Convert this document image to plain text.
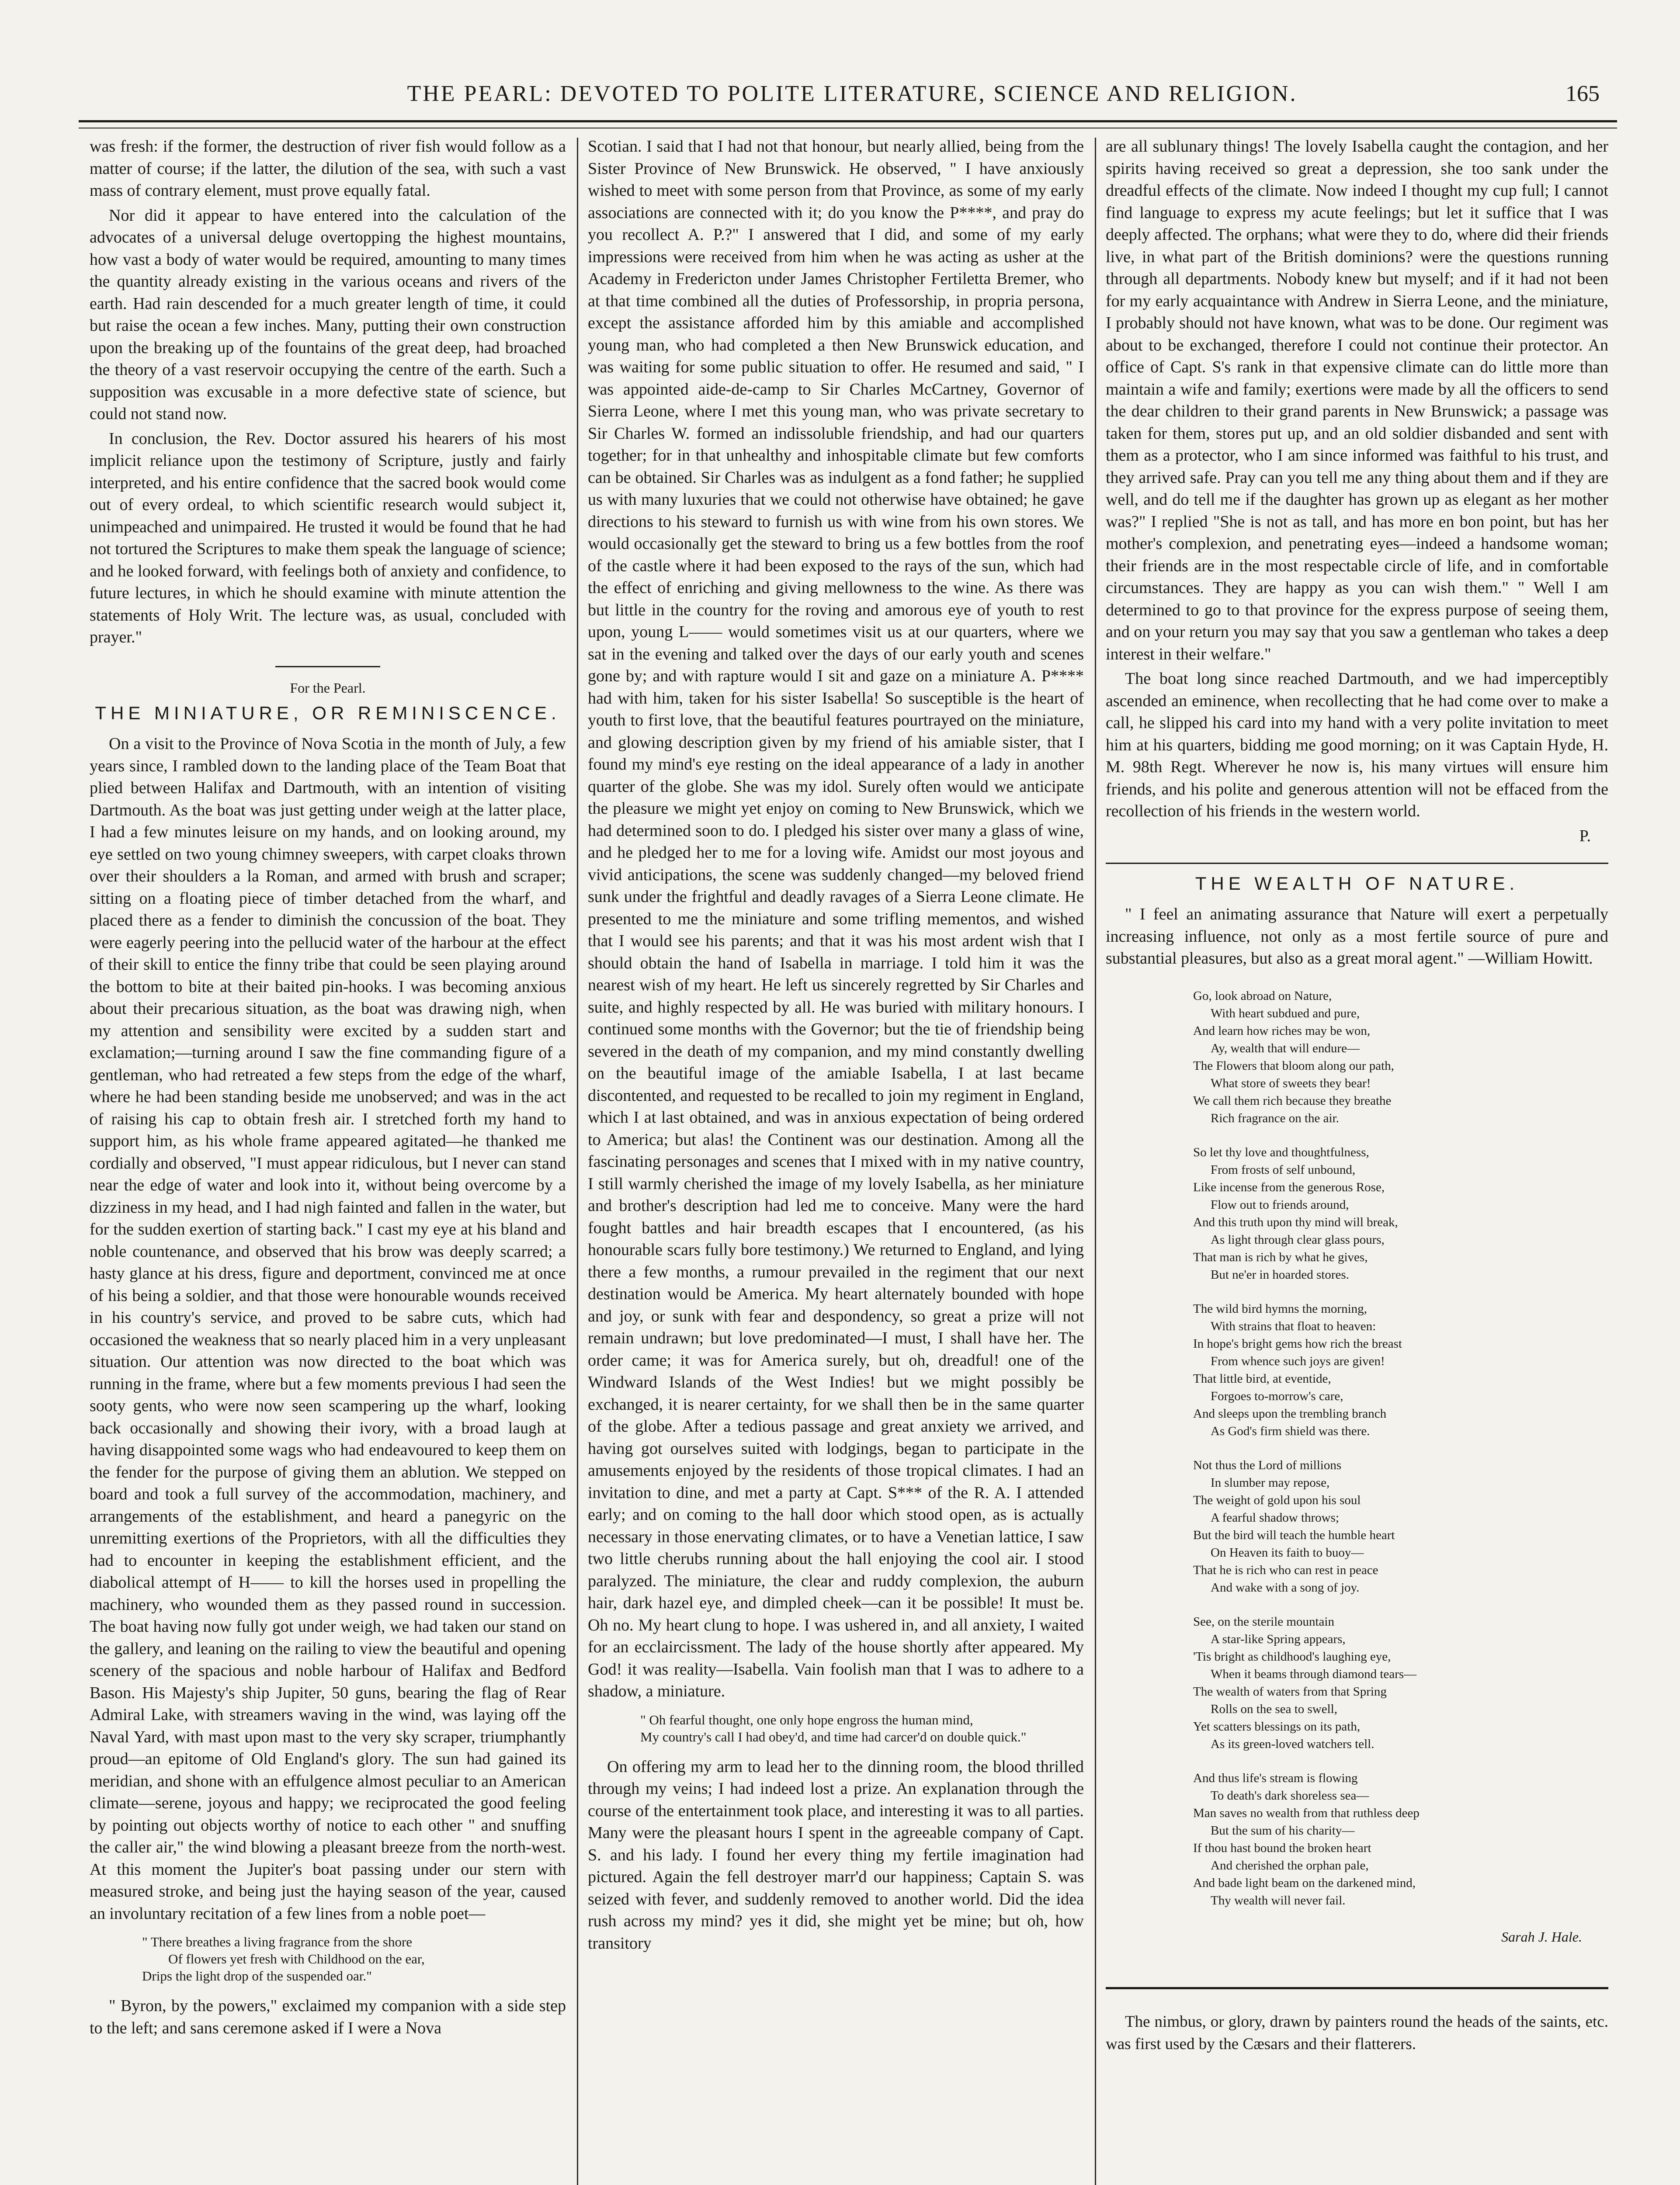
THE PEARL: DEVOTED TO POLITE LITERATURE, SCIENCE AND RELIGION.	165

was fresh: if the former, the destruction of river fish would follow as a matter of course; if the latter, the dilution of the sea, with such a vast mass of contrary element, must prove equally fatal.

Nor did it appear to have entered into the calculation of the advocates of a universal deluge overtopping the highest mountains, how vast a body of water would be required, amounting to many times the quantity already existing in the various oceans and rivers of the earth. Had rain descended for a much greater length of time, it could but raise the ocean a few inches. Many, putting their own construction upon the breaking up of the fountains of the great deep, had broached the theory of a vast reservoir occupying the centre of the earth. Such a supposition was excusable in a more defective state of science, but could not stand now.

In conclusion, the Rev. Doctor assured his hearers of his most implicit reliance upon the testimony of Scripture, justly and fairly interpreted, and his entire confidence that the sacred book would come out of every ordeal, to which scientific research would subject it, unimpeached and unimpaired. He trusted it would be found that he had not tortured the Scriptures to make them speak the language of science; and he looked forward, with feelings both of anxiety and confidence, to future lectures, in which he should examine with minute attention the statements of Holy Writ. The lecture was, as usual, concluded with prayer."

For the Pearl.

THE MINIATURE, OR REMINISCENCE.

On a visit to the Province of Nova Scotia in the month of July, a few years since, I rambled down to the landing place of the Team Boat that plied between Halifax and Dartmouth, with an intention of visiting Dartmouth. As the boat was just getting under weigh at the latter place, I had a few minutes leisure on my hands, and on looking around, my eye settled on two young chimney sweepers, with carpet cloaks thrown over their shoulders a la Roman, and armed with brush and scraper; sitting on a floating piece of timber detached from the wharf, and placed there as a fender to diminish the concussion of the boat. They were eagerly peering into the pellucid water of the harbour at the effect of their skill to entice the finny tribe that could be seen playing around the bottom to bite at their baited pin-hooks. I was becoming anxious about their precarious situation, as the boat was drawing nigh, when my attention and sensibility were excited by a sudden start and exclamation;—turning around I saw the fine commanding figure of a gentleman, who had retreated a few steps from the edge of the wharf, where he had been standing beside me unobserved; and was in the act of raising his cap to obtain fresh air. I stretched forth my hand to support him, as his whole frame appeared agitated—he thanked me cordially and observed, "I must appear ridiculous, but I never can stand near the edge of water and look into it, without being overcome by a dizziness in my head, and I had nigh fainted and fallen in the water, but for the sudden exertion of starting back." I cast my eye at his bland and noble countenance, and observed that his brow was deeply scarred; a hasty glance at his dress, figure and deportment, convinced me at once of his being a soldier, and that those were honourable wounds received in his country's service, and proved to be sabre cuts, which had occasioned the weakness that so nearly placed him in a very unpleasant situation. Our attention was now directed to the boat which was running in the frame, where but a few moments previous I had seen the sooty gents, who were now seen scampering up the wharf, looking back occasionally and showing their ivory, with a broad laugh at having disappointed some wags who had endeavoured to keep them on the fender for the purpose of giving them an ablution. We stepped on board and took a full survey of the accommodation, machinery, and arrangements of the establishment, and heard a panegyric on the unremitting exertions of the Proprietors, with all the difficulties they had to encounter in keeping the establishment efficient, and the diabolical attempt of H—— to kill the horses used in propelling the machinery, who wounded them as they passed round in succession. The boat having now fully got under weigh, we had taken our stand on the gallery, and leaning on the railing to view the beautiful and opening scenery of the spacious and noble harbour of Halifax and Bedford Bason. His Majesty's ship Jupiter, 50 guns, bearing the flag of Rear Admiral Lake, with streamers waving in the wind, was laying off the Naval Yard, with mast upon mast to the very sky scraper, triumphantly proud—an epitome of Old England's glory. The sun had gained its meridian, and shone with an effulgence almost peculiar to an American climate—serene, joyous and happy; we reciprocated the good feeling by pointing out objects worthy of notice to each other " and snuffing the caller air," the wind blowing a pleasant breeze from the north-west. At this moment the Jupiter's boat passing under our stern with measured stroke, and being just the haying season of the year, caused an involuntary recitation of a few lines from a noble poet—

" There breathes a living fragrance from the shore
Of flowers yet fresh with Childhood on the ear,
Drips the light drop of the suspended oar."

" Byron, by the powers," exclaimed my companion with a side step to the left; and sans ceremone asked if I were a Nova

Scotian. I said that I had not that honour, but nearly allied, being from the Sister Province of New Brunswick. He observed, " I have anxiously wished to meet with some person from that Province, as some of my early associations are connected with it; do you know the P****, and pray do you recollect A. P.?" I answered that I did, and some of my early impressions were received from him when he was acting as usher at the Academy in Fredericton under James Christopher Fertiletta Bremer, who at that time combined all the duties of Professorship, in propria persona, except the assistance afforded him by this amiable and accomplished young man, who had completed a then New Brunswick education, and was waiting for some public situation to offer. He resumed and said, " I was appointed aide-de-camp to Sir Charles McCartney, Governor of Sierra Leone, where I met this young man, who was private secretary to Sir Charles W. formed an indissoluble friendship, and had our quarters together; for in that unhealthy and inhospitable climate but few comforts can be obtained. Sir Charles was as indulgent as a fond father; he supplied us with many luxuries that we could not otherwise have obtained; he gave directions to his steward to furnish us with wine from his own stores. We would occasionally get the steward to bring us a few bottles from the roof of the castle where it had been exposed to the rays of the sun, which had the effect of enriching and giving mellowness to the wine. As there was but little in the country for the roving and amorous eye of youth to rest upon, young L—— would sometimes visit us at our quarters, where we sat in the evening and talked over the days of our early youth and scenes gone by; and with rapture would I sit and gaze on a miniature A. P**** had with him, taken for his sister Isabella! So susceptible is the heart of youth to first love, that the beautiful features pourtrayed on the miniature, and glowing description given by my friend of his amiable sister, that I found my mind's eye resting on the ideal appearance of a lady in another quarter of the globe. She was my idol. Surely often would we anticipate the pleasure we might yet enjoy on coming to New Brunswick, which we had determined soon to do. I pledged his sister over many a glass of wine, and he pledged her to me for a loving wife. Amidst our most joyous and vivid anticipations, the scene was suddenly changed—my beloved friend sunk under the frightful and deadly ravages of a Sierra Leone climate. He presented to me the miniature and some trifling mementos, and wished that I would see his parents; and that it was his most ardent wish that I should obtain the hand of Isabella in marriage. I told him it was the nearest wish of my heart. He left us sincerely regretted by Sir Charles and suite, and highly respected by all. He was buried with military honours. I continued some months with the Governor; but the tie of friendship being severed in the death of my companion, and my mind constantly dwelling on the beautiful image of the amiable Isabella, I at last became discontented, and requested to be recalled to join my regiment in England, which I at last obtained, and was in anxious expectation of being ordered to America; but alas! the Continent was our destination. Among all the fascinating personages and scenes that I mixed with in my native country, I still warmly cherished the image of my lovely Isabella, as her miniature and brother's description had led me to conceive. Many were the hard fought battles and hair breadth escapes that I encountered, (as his honourable scars fully bore testimony.) We returned to England, and lying there a few months, a rumour prevailed in the regiment that our next destination would be America. My heart alternately bounded with hope and joy, or sunk with fear and despondency, so great a prize will not remain undrawn; but love predominated—I must, I shall have her. The order came; it was for America surely, but oh, dreadful! one of the Windward Islands of the West Indies! but we might possibly be exchanged, it is nearer certainty, for we shall then be in the same quarter of the globe. After a tedious passage and great anxiety we arrived, and having got ourselves suited with lodgings, began to participate in the amusements enjoyed by the residents of those tropical climates. I had an invitation to dine, and met a party at Capt. S*** of the R. A. I attended early; and on coming to the hall door which stood open, as is actually necessary in those enervating climates, or to have a Venetian lattice, I saw two little cherubs running about the hall enjoying the cool air. I stood paralyzed. The miniature, the clear and ruddy complexion, the auburn hair, dark hazel eye, and dimpled cheek—can it be possible! It must be. Oh no. My heart clung to hope. I was ushered in, and all anxiety, I waited for an ecclaircissment. The lady of the house shortly after appeared. My God! it was reality—Isabella. Vain foolish man that I was to adhere to a shadow, a miniature.

" Oh fearful thought, one only hope engross the human mind,
My country's call I had obey'd, and time had carcer'd on double quick."

On offering my arm to lead her to the dinning room, the blood thrilled through my veins; I had indeed lost a prize. An explanation through the course of the entertainment took place, and interesting it was to all parties. Many were the pleasant hours I spent in the agreeable company of Capt. S. and his lady. I found her every thing my fertile imagination had pictured. Again the fell destroyer marr'd our happiness; Captain S. was seized with fever, and suddenly removed to another world. Did the idea rush across my mind? yes it did, she might yet be mine; but oh, how transitory

are all sublunary things! The lovely Isabella caught the contagion, and her spirits having received so great a depression, she too sank under the dreadful effects of the climate. Now indeed I thought my cup full; I cannot find language to express my acute feelings; but let it suffice that I was deeply affected. The orphans; what were they to do, where did their friends live, in what part of the British dominions? were the questions running through all departments. Nobody knew but myself; and if it had not been for my early acquaintance with Andrew in Sierra Leone, and the miniature, I probably should not have known, what was to be done. Our regiment was about to be exchanged, therefore I could not continue their protector. An office of Capt. S's rank in that expensive climate can do little more than maintain a wife and family; exertions were made by all the officers to send the dear children to their grand parents in New Brunswick; a passage was taken for them, stores put up, and an old soldier disbanded and sent with them as a protector, who I am since informed was faithful to his trust, and they arrived safe. Pray can you tell me any thing about them and if they are well, and do tell me if the daughter has grown up as elegant as her mother was?" I replied "She is not as tall, and has more en bon point, but has her mother's complexion, and penetrating eyes—indeed a handsome woman; their friends are in the most respectable circle of life, and in comfortable circumstances. They are happy as you can wish them." " Well I am determined to go to that province for the express purpose of seeing them, and on your return you may say that you saw a gentleman who takes a deep interest in their welfare."

The boat long since reached Dartmouth, and we had imperceptibly ascended an eminence, when recollecting that he had come over to make a call, he slipped his card into my hand with a very polite invitation to meet him at his quarters, bidding me good morning; on it was Captain Hyde, H. M. 98th Regt. Wherever he now is, his many virtues will ensure him friends, and his polite and generous attention will not be effaced from the recollection of his friends in the western world.

P.

THE WEALTH OF NATURE.

" I feel an animating assurance that Nature will exert a perpetually increasing influence, not only as a most fertile source of pure and substantial pleasures, but also as a great moral agent." —William Howitt.

Go, look abroad on Nature,
With heart subdued and pure,
And learn how riches may be won,
Ay, wealth that will endure—
The Flowers that bloom along our path,
What store of sweets they bear!
We call them rich because they breathe
Rich fragrance on the air.
So let thy love and thoughtfulness,
From frosts of self unbound,
Like incense from the generous Rose,
Flow out to friends around,
And this truth upon thy mind will break,
As light through clear glass pours,
That man is rich by what he gives,
But ne'er in hoarded stores.
The wild bird hymns the morning,
With strains that float to heaven:
In hope's bright gems how rich the breast
From whence such joys are given!
That little bird, at eventide,
Forgoes to-morrow's care,
And sleeps upon the trembling branch
As God's firm shield was there.
Not thus the Lord of millions
In slumber may repose,
The weight of gold upon his soul
A fearful shadow throws;
But the bird will teach the humble heart
On Heaven its faith to buoy—
That he is rich who can rest in peace
And wake with a song of joy.
See, on the sterile mountain
A star-like Spring appears,
'Tis bright as childhood's laughing eye,
When it beams through diamond tears—
The wealth of waters from that Spring
Rolls on the sea to swell,
Yet scatters blessings on its path,
As its green-loved watchers tell.
And thus life's stream is flowing
To death's dark shoreless sea—
Man saves no wealth from that ruthless deep
But the sum of his charity—
If thou hast bound the broken heart
And cherished the orphan pale,
And bade light beam on the darkened mind,
Thy wealth will never fail.
Sarah J. Hale.

The nimbus, or glory, drawn by painters round the heads of the saints, etc. was first used by the Cæsars and their flatterers.
